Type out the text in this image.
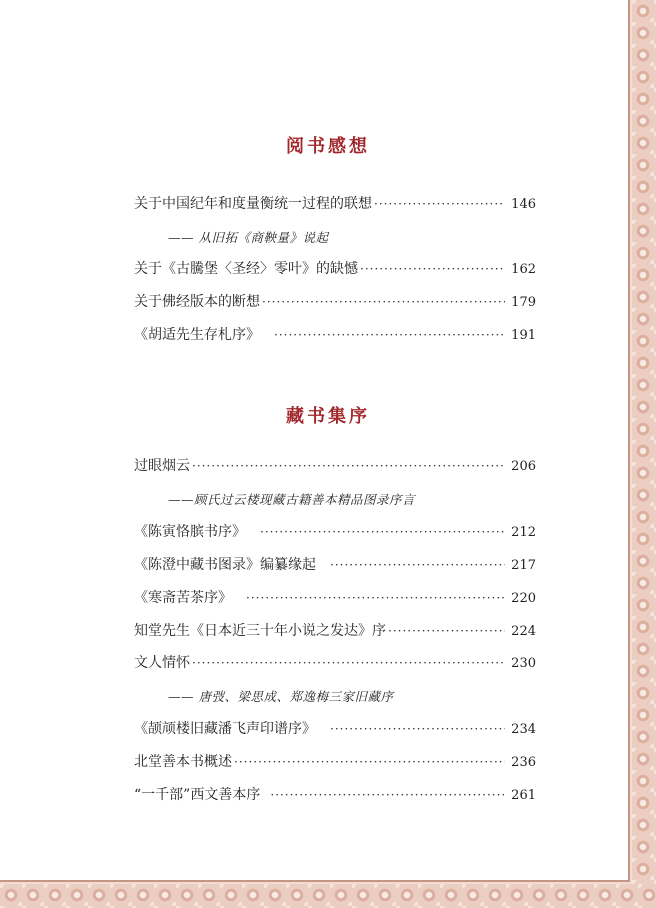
阅书感想
关于中国纪年和度量衡统一过程的联想 ·····	146
—— 从旧拓《商鞅量》说起
关于《古騰堡〈圣经〉零叶》的缺憾 ·····	162
关于佛经版本的断想 ·····	179
《胡适先生存札序》 ·····	191
藏书集序
过眼烟云 ·····	206
——顾氏过云楼现藏古籍善本精品图录序言
《陈寅恪膑书序》 ·····	212
《陈澄中藏书图录》编纂缘起 ·····	217
《寒斋苦茶序》 ·····	220
知堂先生《日本近三十年小说之发达》序 ·····	224
文人情怀 ·····	230
—— 唐弢、梁思成、郑逸梅三家旧藏序
《颉颃楼旧藏潘飞声印谱序》 ·····	234
北堂善本书概述 ·····	236
“一千部”西文善本序 ·····	261
